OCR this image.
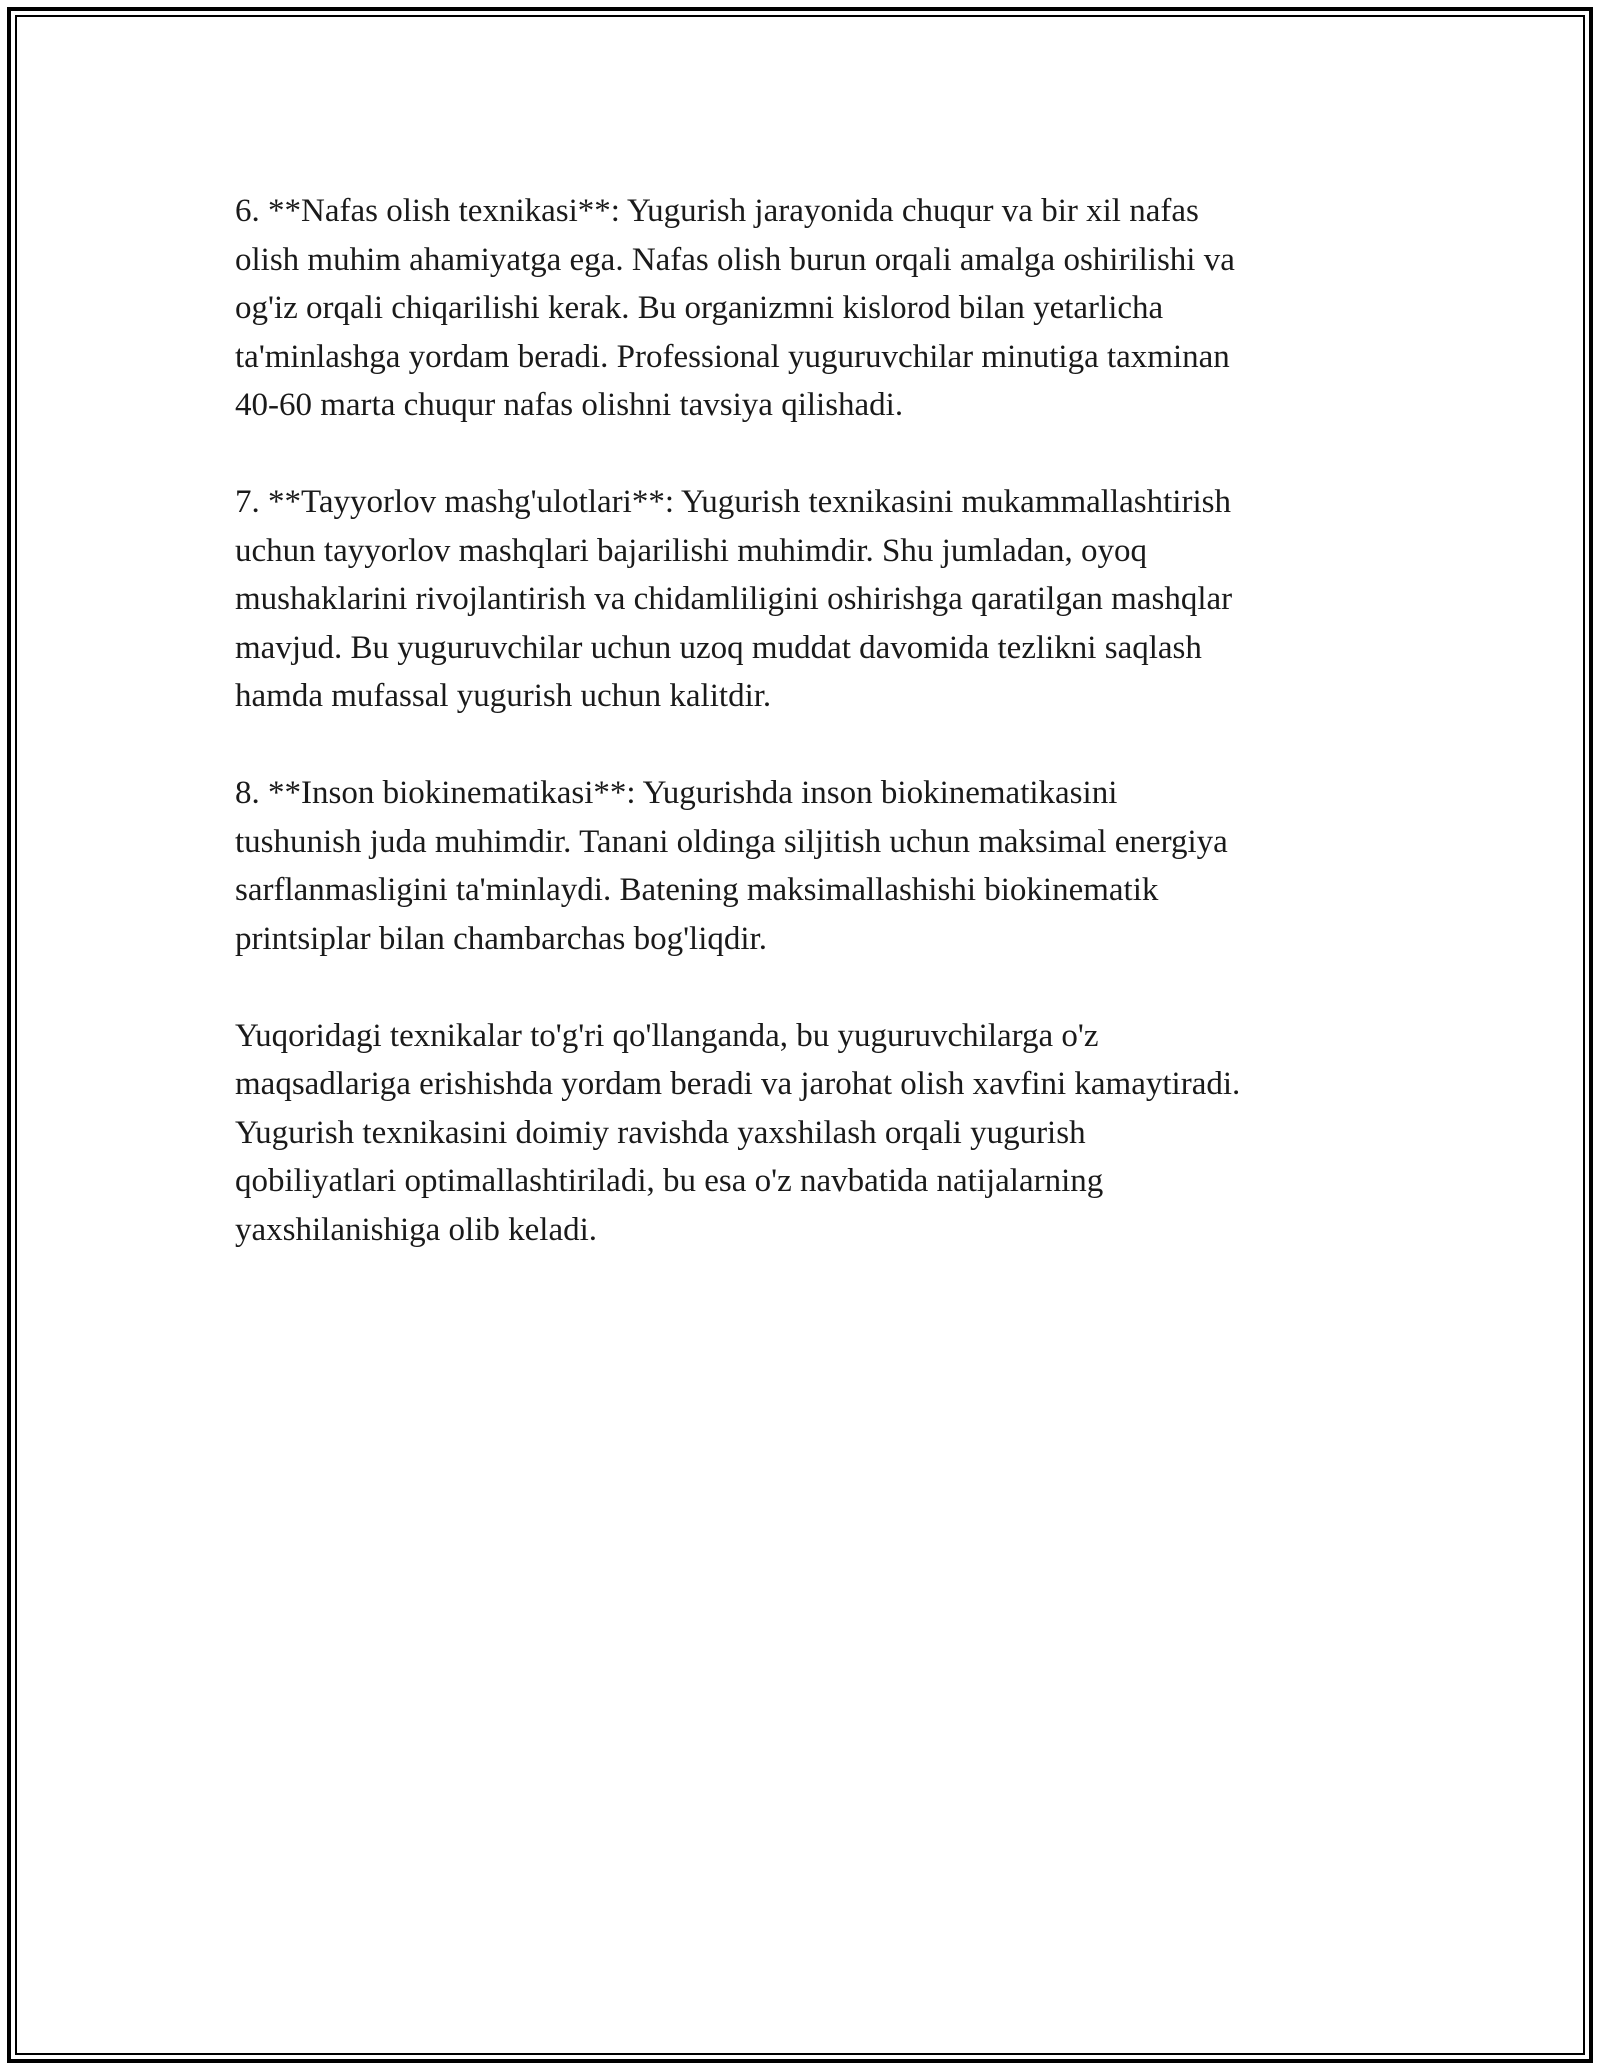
6. **Nafas olish texnikasi**: Yugurish jarayonida chuqur va bir xil nafas
olish muhim ahamiyatga ega. Nafas olish burun orqali amalga oshirilishi va
og'iz orqali chiqarilishi kerak. Bu organizmni kislorod bilan yetarlicha
ta'minlashga yordam beradi. Professional yuguruvchilar minutiga taxminan
40-60 marta chuqur nafas olishni tavsiya qilishadi.

7. **Tayyorlov mashg'ulotlari**: Yugurish texnikasini mukammallashtirish
uchun tayyorlov mashqlari bajarilishi muhimdir. Shu jumladan, oyoq
mushaklarini rivojlantirish va chidamliligini oshirishga qaratilgan mashqlar
mavjud. Bu yuguruvchilar uchun uzoq muddat davomida tezlikni saqlash
hamda mufassal yugurish uchun kalitdir.

8. **Inson biokinematikasi**: Yugurishda inson biokinematikasini
tushunish juda muhimdir. Tanani oldinga siljitish uchun maksimal energiya
sarflanmasligini ta'minlaydi. Batening maksimallashishi biokinematik
printsiplar bilan chambarchas bog'liqdir.

Yuqoridagi texnikalar to'g'ri qo'llanganda, bu yuguruvchilarga o'z
maqsadlariga erishishda yordam beradi va jarohat olish xavfini kamaytiradi.
Yugurish texnikasini doimiy ravishda yaxshilash orqali yugurish
qobiliyatlari optimallashtiriladi, bu esa o'z navbatida natijalarning
yaxshilanishiga olib keladi.
